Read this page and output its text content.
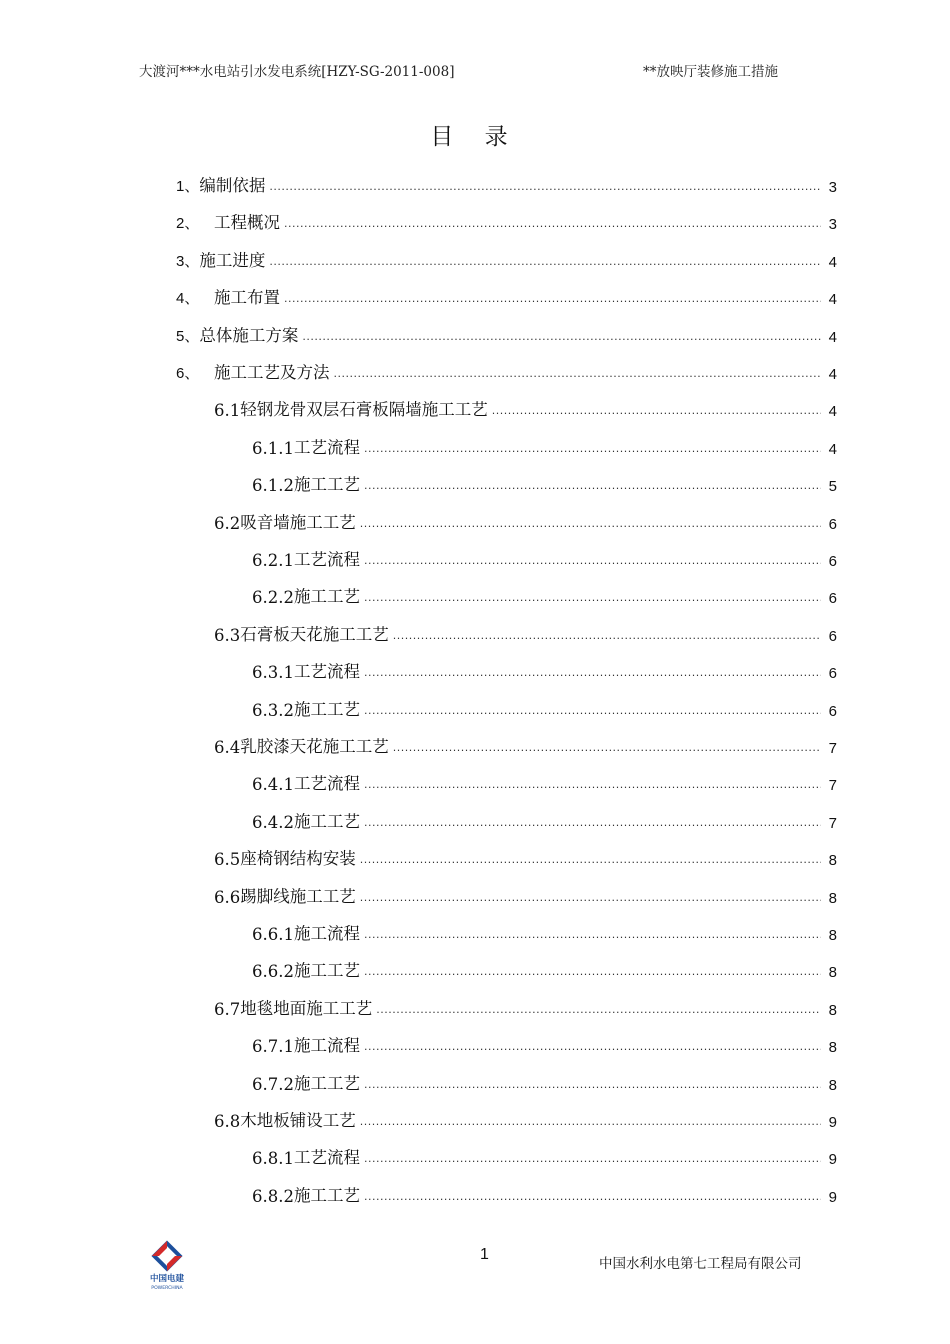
大渡河***水电站引水发电系统[HZY-SG-2011-008]	**放映厅装修施工措施
目 录
1、 编制依据 .....	3
2、 工程概况 .....	3
3、 施工进度 .....	4
4、 施工布置 .....	4
5、 总体施工方案 .....	4
6、 施工工艺及方法 .....	4
6.1 轻钢龙骨双层石膏板隔墙施工工艺 .....	4
6.1.1 工艺流程 .....	4
6.1.2 施工工艺 .....	5
6.2 吸音墙施工工艺 .....	6
6.2.1 工艺流程 .....	6
6.2.2 施工工艺 .....	6
6.3 石膏板天花施工工艺 .....	6
6.3.1 工艺流程 .....	6
6.3.2 施工工艺 .....	6
6.4 乳胶漆天花施工工艺 .....	7
6.4.1 工艺流程 .....	7
6.4.2 施工工艺 .....	7
6.5 座椅钢结构安装 .....	8
6.6 踢脚线施工工艺 .....	8
6.6.1 施工流程 .....	8
6.6.2 施工工艺 .....	8
6.7 地毯地面施工工艺 .....	8
6.7.1 施工流程 .....	8
6.7.2 施工工艺 .....	8
6.8 木地板铺设工艺 .....	9
6.8.1 工艺流程 .....	9
6.8.2 施工工艺 .....	9
中国电建
POWERCHINA
1
中国水利水电第七工程局有限公司
